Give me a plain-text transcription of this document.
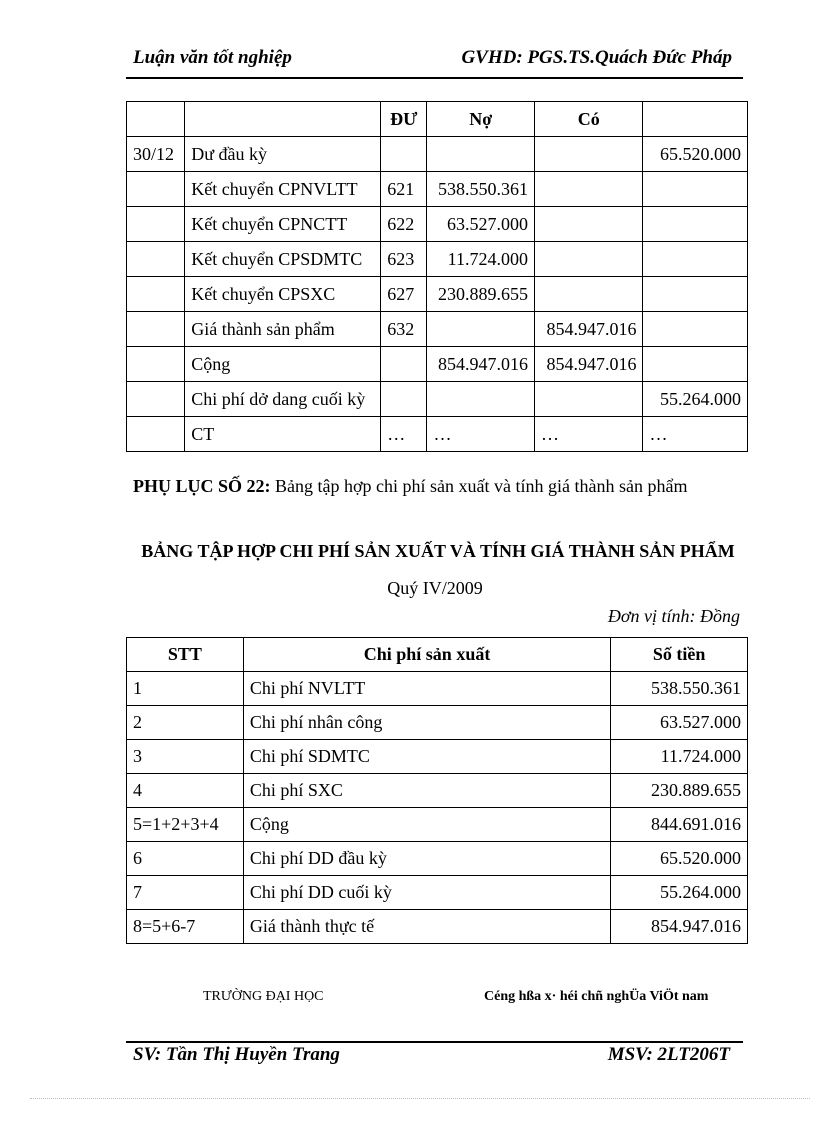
Luận văn tốt nghiệp	GVHD: PGS.TS.Quách Đức Pháp
		ĐƯ	Nợ	Có	
30/12	Dư đầu kỳ				65.520.000
	Kết chuyển CPNVLTT	621	538.550.361		
	Kết chuyển CPNCTT	622	63.527.000		
	Kết chuyển CPSDMTC	623	11.724.000		
	Kết chuyển CPSXC	627	230.889.655		
	Giá thành sản phẩm	632		854.947.016	
	Cộng		854.947.016	854.947.016	
	Chi phí dở dang cuối kỳ				55.264.000
	CT	…	…	…	…
PHỤ LỤC SỐ 22: Bảng tập hợp chi phí sản xuất và tính giá thành sản phẩm
BẢNG TẬP HỢP CHI PHÍ SẢN XUẤT VÀ TÍNH GIÁ THÀNH SẢN PHẨM
Quý IV/2009
Đơn vị tính: Đồng
STT	Chi phí sản xuất	Số tiền
1	Chi phí NVLTT	538.550.361
2	Chi phí nhân công	63.527.000
3	Chi phí SDMTC	11.724.000
4	Chi phí SXC	230.889.655
5=1+2+3+4	Cộng	844.691.016
6	Chi phí DD đầu kỳ	65.520.000
7	Chi phí DD cuối kỳ	55.264.000
8=5+6-7	Giá thành thực tế	854.947.016
TRƯỜNG ĐẠI HỌC	Céng hßa x· héi chñ nghÜa ViÖt nam
SV: Tần Thị Huyền Trang	MSV: 2LT206T
